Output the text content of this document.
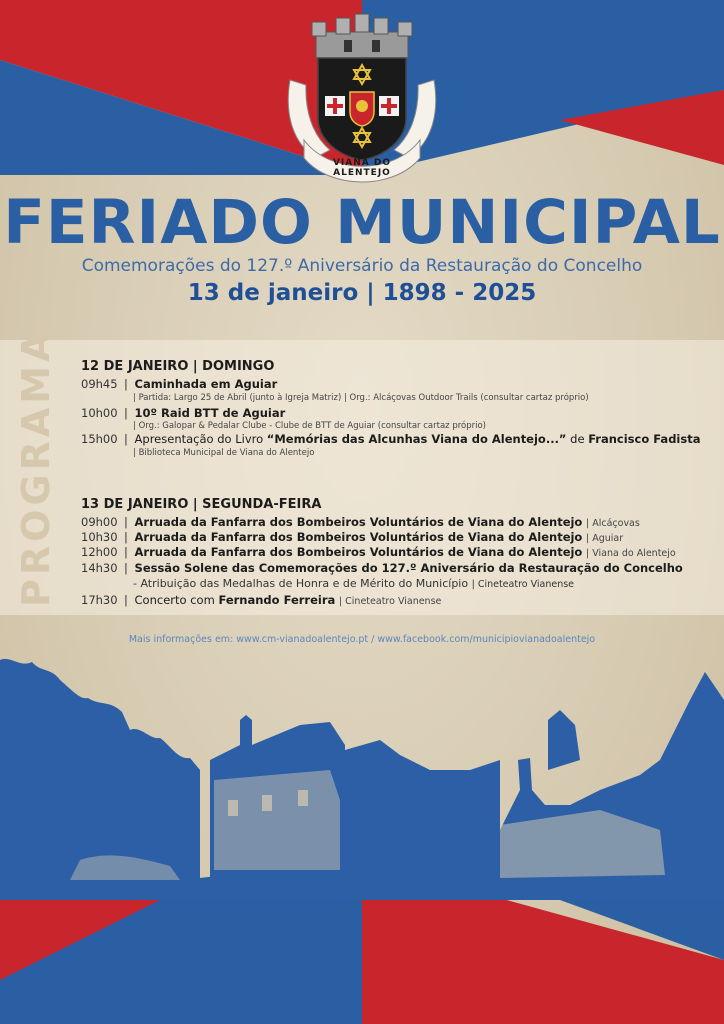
VIANA DO ALENTEJO
FERIADO MUNICIPAL
Comemorações do 127.º Aniversário da Restauração do Concelho
13 de janeiro | 1898 - 2025
PROGRAMA 12 DE JANEIRO | DOMINGO
09h45 | Caminhada em Aguiar
| Partida: Largo 25 de Abril (junto à Igreja Matriz) | Org.: Alcáçovas Outdoor Trails (consultar cartaz próprio)
10h00 | 10º Raid BTT de Aguiar
| Org.: Galopar & Pedalar Clube - Clube de BTT de Aguiar (consultar cartaz próprio)
15h00 | Apresentação do Livro “Memórias das Alcunhas Viana do Alentejo...” de Francisco Fadista
| Biblioteca Municipal de Viana do Alentejo
13 DE JANEIRO | SEGUNDA-FEIRA
09h00 | Arruada da Fanfarra dos Bombeiros Voluntários de Viana do Alentejo | Alcáçovas
10h30 | Arruada da Fanfarra dos Bombeiros Voluntários de Viana do Alentejo | Aguiar
12h00 | Arruada da Fanfarra dos Bombeiros Voluntários de Viana do Alentejo | Viana do Alentejo
14h30 | Sessão Solene das Comemorações do 127.º Aniversário da Restauração do Concelho
- Atribuição das Medalhas de Honra e de Mérito do Município | Cineteatro Vianense
17h30 | Concerto com Fernando Ferreira | Cineteatro Vianense
Mais informações em: www.cm-vianadoalentejo.pt / www.facebook.com/municipiovianadoalentejo
